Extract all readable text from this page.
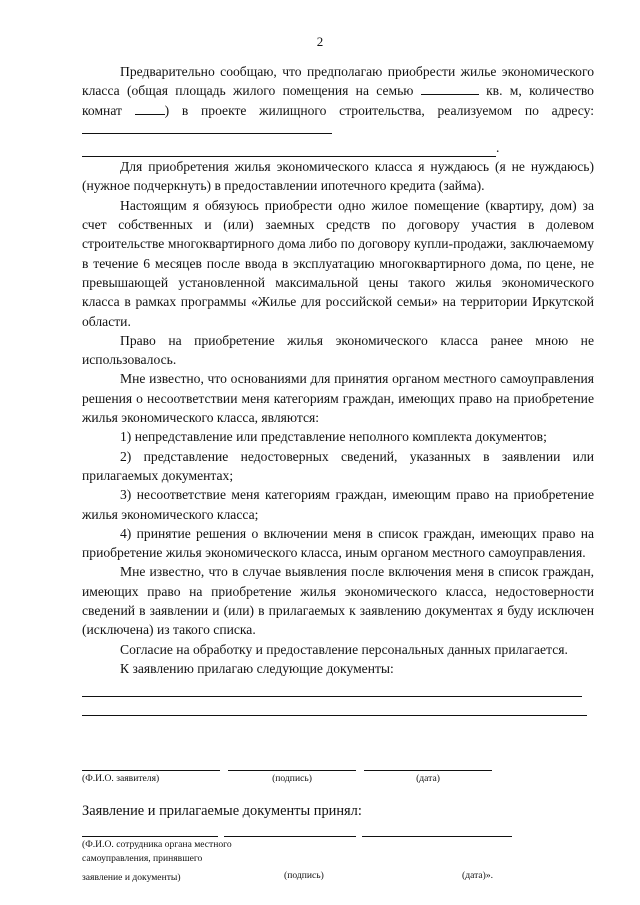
2

Предварительно сообщаю, что предполагаю приобрести жилье экономического класса (общая площадь жилого помещения на семью	кв. м, количество комнат	) в проекте жилищного строительства, реализуемом по адресу:

.

Для приобретения жилья экономического класса я нуждаюсь (я не нуждаюсь) (нужное подчеркнуть) в предоставлении ипотечного кредита (займа).

Настоящим я обязуюсь приобрести одно жилое помещение (квартиру, дом) за счет собственных и (или) заемных средств по договору участия в долевом строительстве многоквартирного дома либо по договору купли-продажи, заключаемому в течение 6 месяцев после ввода в эксплуатацию многоквартирного дома, по цене, не превышающей установленной максимальной цены такого жилья экономического класса в рамках программы «Жилье для российской семьи» на территории Иркутской области.

Право на приобретение жилья экономического класса ранее мною не использовалось.

Мне известно, что основаниями для принятия органом местного самоуправления решения о несоответствии меня категориям граждан, имеющих право на приобретение жилья экономического класса, являются:

1) непредставление или представление неполного комплекта документов;

2) представление недостоверных сведений, указанных в заявлении или прилагаемых документах;

3) несоответствие меня категориям граждан, имеющим право на приобретение жилья экономического класса;

4) принятие решения о включении меня в список граждан, имеющих право на приобретение жилья экономического класса, иным органом местного самоуправления.

Мне известно, что в случае выявления после включения меня в список граждан, имеющих право на приобретение жилья экономического класса, недостоверности сведений в заявлении и (или) в прилагаемых к заявлению документах я буду исключен (исключена) из такого списка.

Согласие на обработку и предоставление персональных данных прилагается.

К заявлению прилагаю следующие документы:

(Ф.И.О. заявителя)	(подпись)	(дата)
Заявление и прилагаемые документы принял:
(Ф.И.О. сотрудника органа местного
самоуправления, принявшего
заявление и документы)	(подпись)	(дата)».
